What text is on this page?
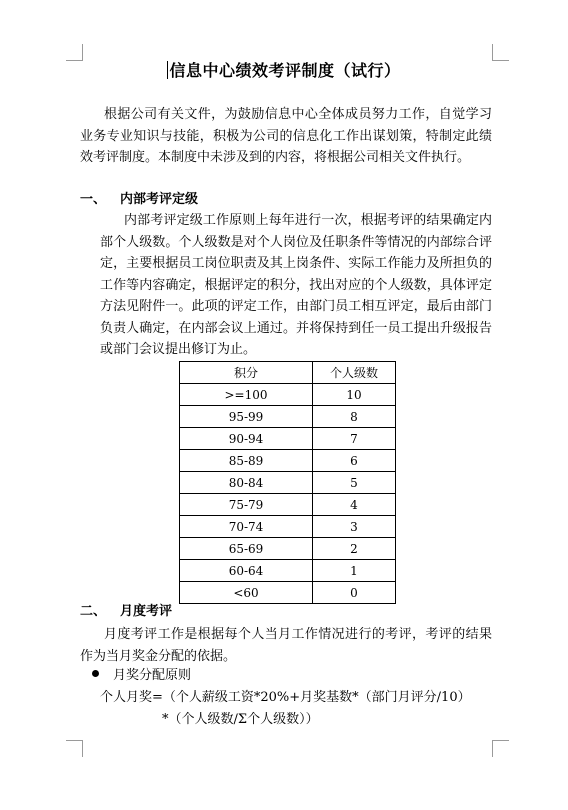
信息中心绩效考评制度（试行）
根据公司有关文件，为鼓励信息中心全体成员努力工作，自觉学习业务专业知识与技能，积极为公司的信息化工作出谋划策，特制定此绩效考评制度。本制度中未涉及到的内容，将根据公司相关文件执行。
一、 内部考评定级
内部考评定级工作原则上每年进行一次，根据考评的结果确定内部个人级数。个人级数是对个人岗位及任职条件等情况的内部综合评定，主要根据员工岗位职责及其上岗条件、实际工作能力及所担负的工作等内容确定，根据评定的积分，找出对应的个人级数，具体评定方法见附件一。此项的评定工作，由部门员工相互评定，最后由部门负责人确定，在内部会议上通过。并将保持到任一员工提出升级报告或部门会议提出修订为止。
积分	个人级数
>=100	10
95-99	8
90-94	7
85-89	6
80-84	5
75-79	4
70-74	3
65-69	2
60-64	1
<60	0
二、 月度考评
月度考评工作是根据每个人当月工作情况进行的考评，考评的结果作为当月奖金分配的依据。
月奖分配原则
个人月奖=（个人薪级工资*20%+月奖基数*（部门月评分/10）
*（个人级数/Σ个人级数））
